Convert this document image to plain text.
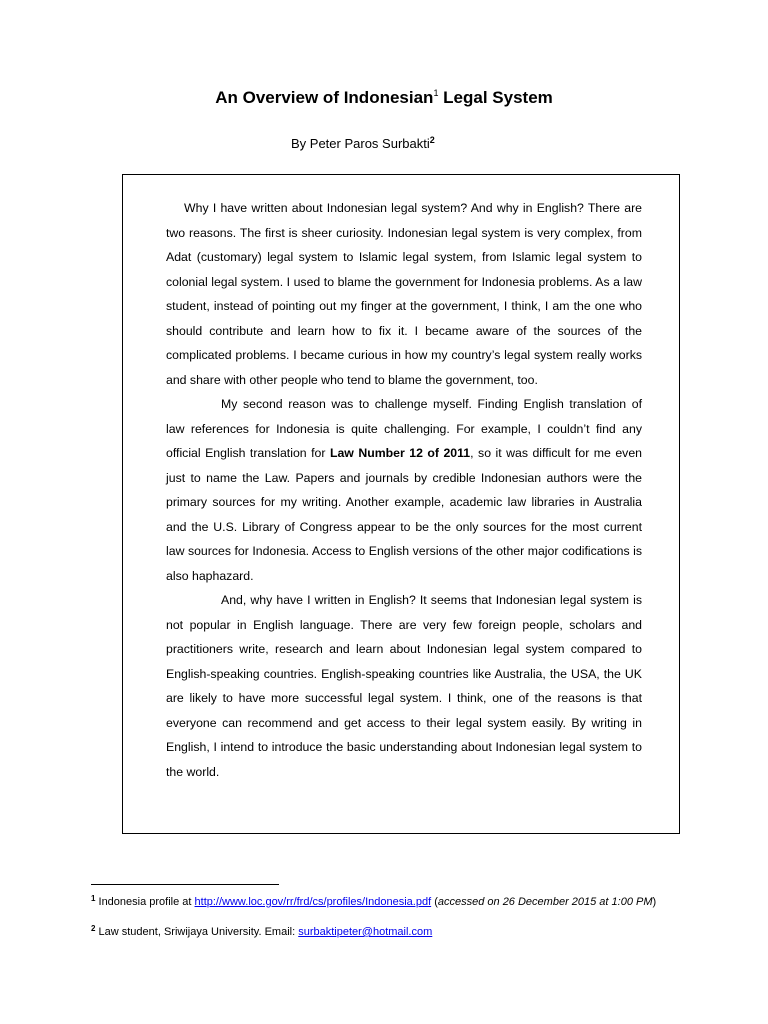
An Overview of Indonesian$^1$ Legal System

By Peter Paros Surbakti$^2$

Why I have written about Indonesian legal system? And why in English? There are two reasons. The first is sheer curiosity. Indonesian legal system is very complex, from Adat (customary) legal system to Islamic legal system, from Islamic legal system to colonial legal system. I used to blame the government for Indonesia problems. As a law student, instead of pointing out my finger at the government, I think, I am the one who should contribute and learn how to fix it. I became aware of the sources of the complicated problems. I became curious in how my country’s legal system really works and share with other people who tend to blame the government, too.

My second reason was to challenge myself. Finding English translation of law references for Indonesia is quite challenging. For example, I couldn’t find any official English translation for Law Number 12 of 2011, so it was difficult for me even just to name the Law. Papers and journals by credible Indonesian authors were the primary sources for my writing. Another example, academic law libraries in Australia and the U.S. Library of Congress appear to be the only sources for the most current law sources for Indonesia. Access to English versions of the other major codifications is also haphazard.

And, why have I written in English? It seems that Indonesian legal system is not popular in English language. There are very few foreign people, scholars and practitioners write, research and learn about Indonesian legal system compared to English-speaking countries. English-speaking countries like Australia, the USA, the UK are likely to have more successful legal system. I think, one of the reasons is that everyone can recommend and get access to their legal system easily. By writing in English, I intend to introduce the basic understanding about Indonesian legal system to the world.

$^1$ Indonesia profile at http://www.loc.gov/rr/frd/cs/profiles/Indonesia.pdf (accessed on 26 December 2015 at 1:00 PM)
$^2$ Law student, Sriwijaya University. Email: surbaktipeter@hotmail.com
